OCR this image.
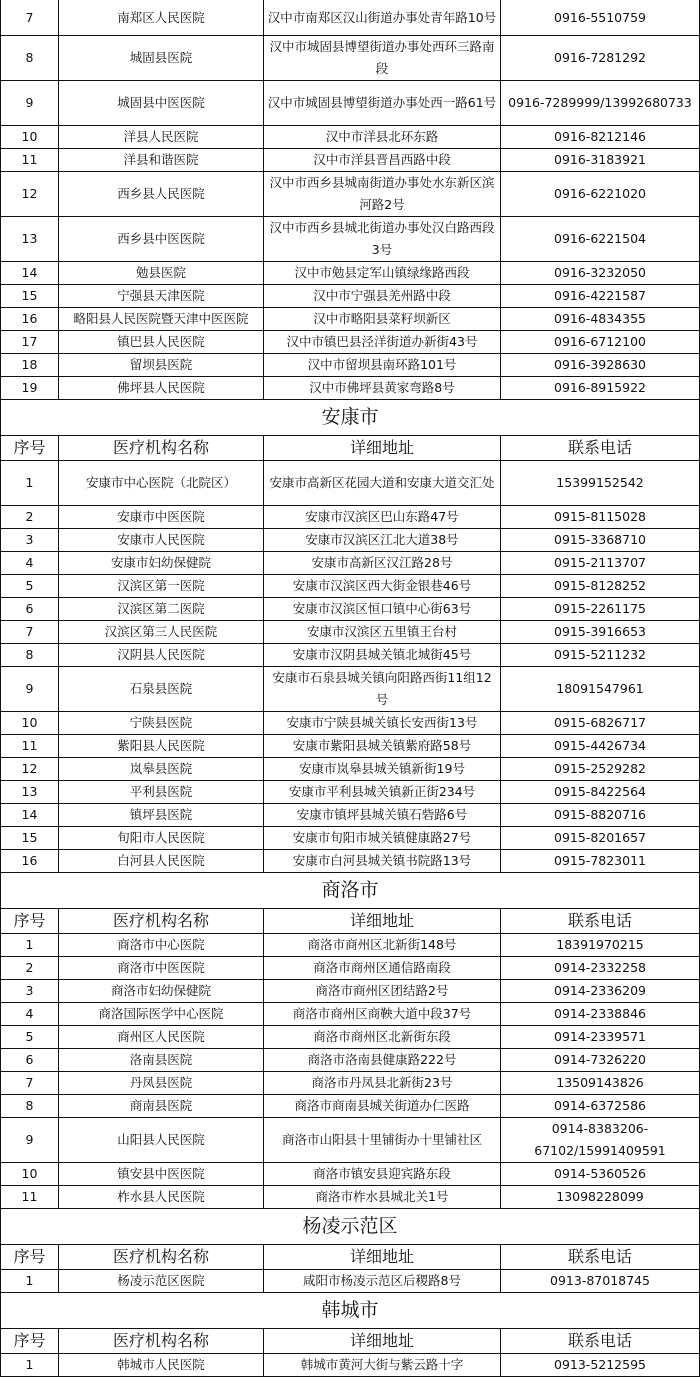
7	南郑区人民医院	汉中市南郑区汉山街道办事处青年路10号	0916-5510759
8	城固县医院	汉中市城固县博望街道办事处西环三路南段	0916-7281292
9	城固县中医医院	汉中市城固县博望街道办事处西一路61号	0916-7289999/13992680733
10	洋县人民医院	汉中市洋县北环东路	0916-8212146
11	洋县和谐医院	汉中市洋县晋昌西路中段	0916-3183921
12	西乡县人民医院	汉中市西乡县城南街道办事处水东新区滨河路2号	0916-6221020
13	西乡县中医医院	汉中市西乡县城北街道办事处汉白路西段3号	0916-6221504
14	勉县医院	汉中市勉县定军山镇绿缘路西段	0916-3232050
15	宁强县天津医院	汉中市宁强县羌州路中段	0916-4221587
16	略阳县人民医院暨天津中医医院	汉中市略阳县菜籽坝新区	0916-4834355
17	镇巴县人民医院	汉中市镇巴县泾洋街道办新街43号	0916-6712100
18	留坝县医院	汉中市留坝县南环路101号	0916-3928630
19	佛坪县人民医院	汉中市佛坪县黄家弯路8号	0916-8915922
安康市			
序号	医疗机构名称	详细地址	联系电话
1	安康市中心医院（北院区）	安康市高新区花园大道和安康大道交汇处	15399152542
2	安康市中医医院	安康市汉滨区巴山东路47号	0915-8115028
3	安康市人民医院	安康市汉滨区江北大道38号	0915-3368710
4	安康市妇幼保健院	安康市高新区汉江路28号	0915-2113707
5	汉滨区第一医院	安康市汉滨区西大街金银巷46号	0915-8128252
6	汉滨区第二医院	安康市汉滨区恒口镇中心街63号	0915-2261175
7	汉滨区第三人民医院	安康市汉滨区五里镇王台村	0915-3916653
8	汉阴县人民医院	安康市汉阴县城关镇北城街45号	0915-5211232
9	石泉县医院	安康市石泉县城关镇向阳路西街11组12号	18091547961
10	宁陕县医院	安康市宁陕县城关镇长安西街13号	0915-6826717
11	紫阳县人民医院	安康市紫阳县城关镇紫府路58号	0915-4426734
12	岚皋县医院	安康市岚皋县城关镇新街19号	0915-2529282
13	平利县医院	安康市平利县城关镇新正街234号	0915-8422564
14	镇坪县医院	安康市镇坪县城关镇石砦路6号	0915-8820716
15	旬阳市人民医院	安康市旬阳市城关镇健康路27号	0915-8201657
16	白河县人民医院	安康市白河县城关镇书院路13号	0915-7823011
商洛市			
序号	医疗机构名称	详细地址	联系电话
1	商洛市中心医院	商洛市商州区北新街148号	18391970215
2	商洛市中医医院	商洛市商州区通信路南段	0914-2332258
3	商洛市妇幼保健院	商洛市商州区团结路2号	0914-2336209
4	商洛国际医学中心医院	商洛市商州区商鞅大道中段37号	0914-2338846
5	商州区人民医院	商洛市商州区北新街东段	0914-2339571
6	洛南县医院	商洛市洛南县健康路222号	0914-7326220
7	丹凤县医院	商洛市丹凤县北新街23号	13509143826
8	商南县医院	商洛市商南县城关街道办仁医路	0914-6372586
9	山阳县人民医院	商洛市山阳县十里铺街办十里铺社区	0914-8383206-67102/15991409591
10	镇安县中医医院	商洛市镇安县迎宾路东段	0914-5360526
11	柞水县人民医院	商洛市柞水县城北关1号	13098228099
杨凌示范区			
序号	医疗机构名称	详细地址	联系电话
1	杨凌示范区医院	咸阳市杨凌示范区后稷路8号	0913-87018745
韩城市			
序号	医疗机构名称	详细地址	联系电话
1	韩城市人民医院	韩城市黄河大街与紫云路十字	0913-5212595
